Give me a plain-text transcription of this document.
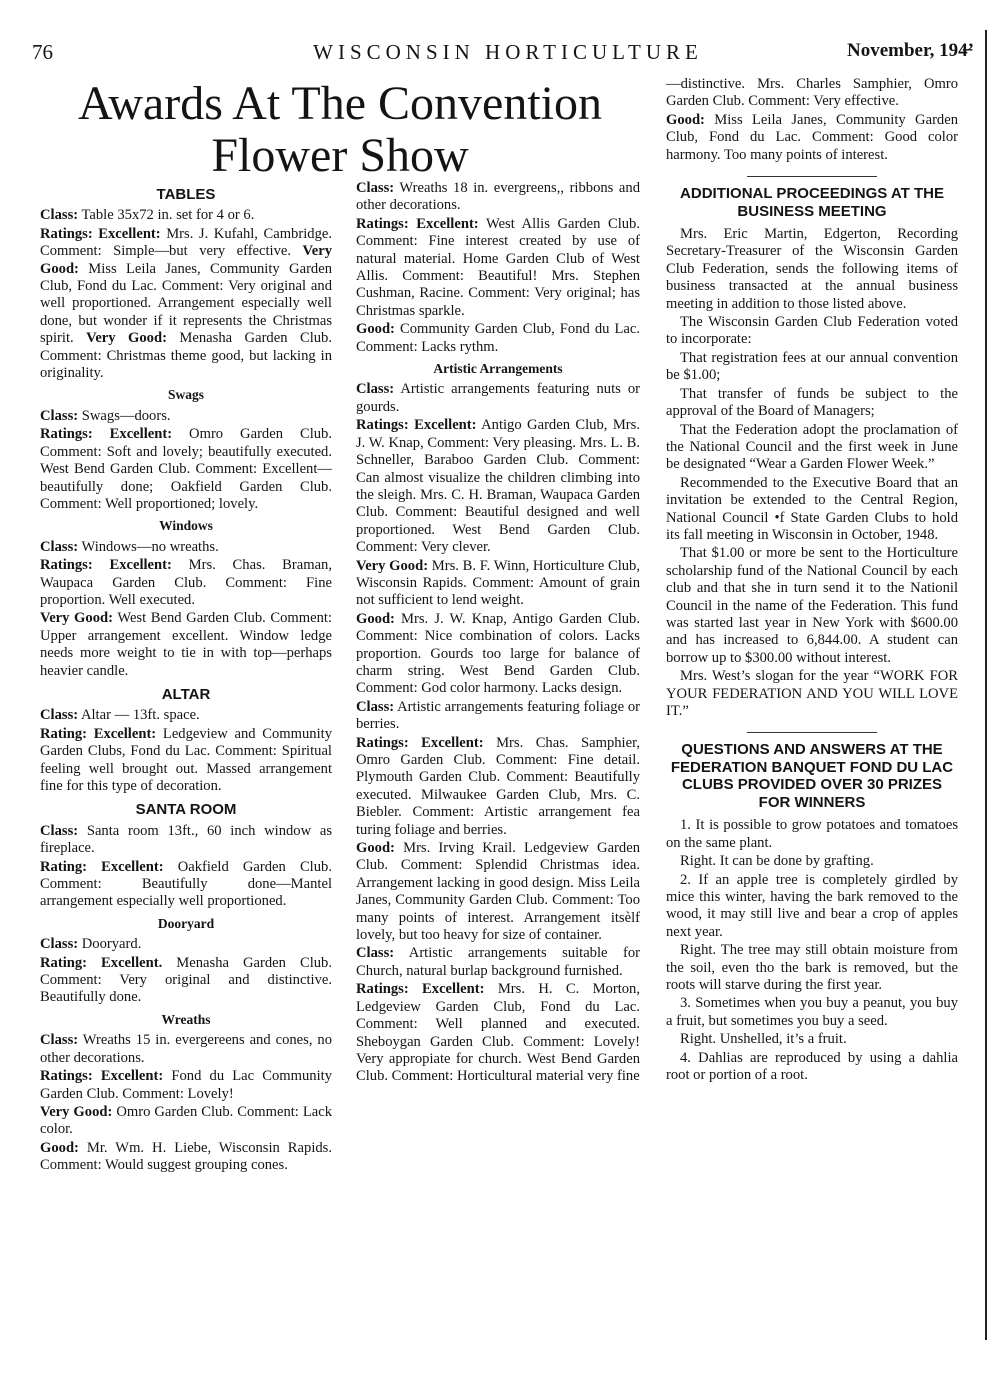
76	WISCONSIN HORTICULTURE	November, 194̶’
Awards At The Convention Flower Show
TABLES

Class: Table 35x72 in. set for 4 or 6.

Ratings: Excellent: Mrs. J. Kufahl, Cambridge. Comment: Simple—but very effective. Very Good: Miss Leila Janes, Community Garden Club, Fond du Lac. Comment: Very original and well proportioned. Arrangement especially well done, but wonder if it represents the Christmas spirit. Very Good: Menasha Garden Club. Comment: Christmas theme good, but lacking in originality.

Swags

Class: Swags—doors.

Ratings: Excellent: Omro Garden Club. Comment: Soft and lovely; beautifully executed. West Bend Garden Club. Comment: Excellent—beautifully done; Oakfield Garden Club. Comment: Well proportioned; lovely.

Windows

Class: Windows—no wreaths.

Ratings: Excellent: Mrs. Chas. Braman, Waupaca Garden Club. Comment: Fine proportion. Well executed.

Very Good: West Bend Garden Club. Comment: Upper arrangement excellent. Window ledge needs more weight to tie in with top—perhaps heavier candle.

ALTAR

Class: Altar — 13ft. space.

Rating: Excellent: Ledgeview and Community Garden Clubs, Fond du Lac. Comment: Spiritual feeling well brought out. Massed arrangement fine for this type of decoration.

SANTA ROOM

Class: Santa room 13ft., 60 inch window as fireplace.

Rating: Excellent: Oakfield Garden Club. Comment: Beautifully done—Mantel arrangement especially well proportioned.

Dooryard

Class: Dooryard.

Rating: Excellent. Menasha Garden Club. Comment: Very original and distinctive. Beautifully done.

Wreaths

Class: Wreaths 15 in. evergereens and cones, no other decorations.

Ratings: Excellent: Fond du Lac Community Garden Club. Comment: Lovely!

Very Good: Omro Garden Club. Comment: Lack color.

Good: Mr. Wm. H. Liebe, Wisconsin Rapids. Comment: Would suggest grouping cones.

Class: Wreaths 18 in. evergreens,, ribbons and other decorations.

Ratings: Excellent: West Allis Garden Club. Comment: Fine interest created by use of natural material. Home Garden Club of West Allis. Comment: Beautiful! Mrs. Stephen Cushman, Racine. Comment: Very original; has Christmas sparkle.

Good: Community Garden Club, Fond du Lac. Comment: Lacks rythm.

Artistic Arrangements

Class: Artistic arrangements featuring nuts or gourds.

Ratings: Excellent: Antigo Garden Club, Mrs. J. W. Knap, Comment: Very pleasing. Mrs. L. B. Schneller, Baraboo Garden Club. Comment: Can almost visualize the children climbing into the sleigh. Mrs. C. H. Braman, Waupaca Garden Club. Comment: Beautiful designed and well proportioned. West Bend Garden Club. Comment: Very clever.

Very Good: Mrs. B. F. Winn, Horticulture Club, Wisconsin Rapids. Comment: Amount of grain not sufficient to lend weight.

Good: Mrs. J. W. Knap, Antigo Garden Club. Comment: Nice combination of colors. Lacks proportion. Gourds too large for balance of charm string. West Bend Garden Club. Comment: God color harmony. Lacks design.

Class: Artistic arrangements featuring foliage or berries.

Ratings: Excellent: Mrs. Chas. Samphier, Omro Garden Club. Comment: Fine detail. Plymouth Garden Club. Comment: Beautifully executed. Milwaukee Garden Club, Mrs. C. Biebler. Comment: Artistic arrangement fea turing foliage and berries.

Good: Mrs. Irving Krail. Ledgeview Garden Club. Comment: Splendid Christmas idea. Arrangement lacking in good design. Miss Leila Janes, Community Garden Club. Comment: Too many points of interest. Arrangement itsèlf lovely, but too heavy for size of container.

Class: Artistic arrangements suitable for Church, natural burlap background furnished.

Ratings: Excellent: Mrs. H. C. Morton, Ledgeview Garden Club, Fond du Lac. Comment: Well planned and executed. Sheboygan Garden Club. Comment: Lovely! Very appropiate for church. West Bend Garden Club. Comment: Horticultural material very fine

—distinctive. Mrs. Charles Samphier, Omro Garden Club. Comment: Very effective.

Good: Miss Leila Janes, Community Garden Club, Fond du Lac. Comment: Good color harmony. Too many points of interest.

ADDITIONAL PROCEEDINGS AT THE BUSINESS MEETING

Mrs. Eric Martin, Edgerton, Recording Secretary-Treasurer of the Wisconsin Garden Club Federation, sends the following items of business transacted at the annual business meeting in addition to those listed above.

The Wisconsin Garden Club Federation voted to incorporate:

That registration fees at our annual convention be $1.00;

That transfer of funds be subject to the approval of the Board of Managers;

That the Federation adopt the proclamation of the National Council and the first week in June be designated “Wear a Garden Flower Week.”

Recommended to the Executive Board that an invitation be extended to the Central Region, National Council •f State Garden Clubs to hold its fall meeting in Wisconsin in October, 1948.

That $1.00 or more be sent to the Horticulture scholarship fund of the National Council by each club and that she in turn send it to the Nationil Council in the name of the Federation. This fund was started last year in New York with $600.00 and has increased to 6,844.00. A student can borrow up to $300.00 without interest.

Mrs. West’s slogan for the year “WORK FOR YOUR FEDERATION AND YOU WILL LOVE IT.”

QUESTIONS AND ANSWERS AT THE FEDERATION BANQUET FOND DU LAC CLUBS PROVIDED OVER 30 PRIZES FOR WINNERS

1. It is possible to grow potatoes and tomatoes on the same plant.

Right. It can be done by grafting.

2. If an apple tree is completely girdled by mice this winter, having the bark removed to the wood, it may still live and bear a crop of apples next year.

Right. The tree may still obtain moisture from the soil, even tho the bark is removed, but the roots will starve during the first year.

3. Sometimes when you buy a peanut, you buy a fruit, but sometimes you buy a seed.

Right. Unshelled, it’s a fruit.

4. Dahlias are reproduced by using a dahlia root or portion of a root.
